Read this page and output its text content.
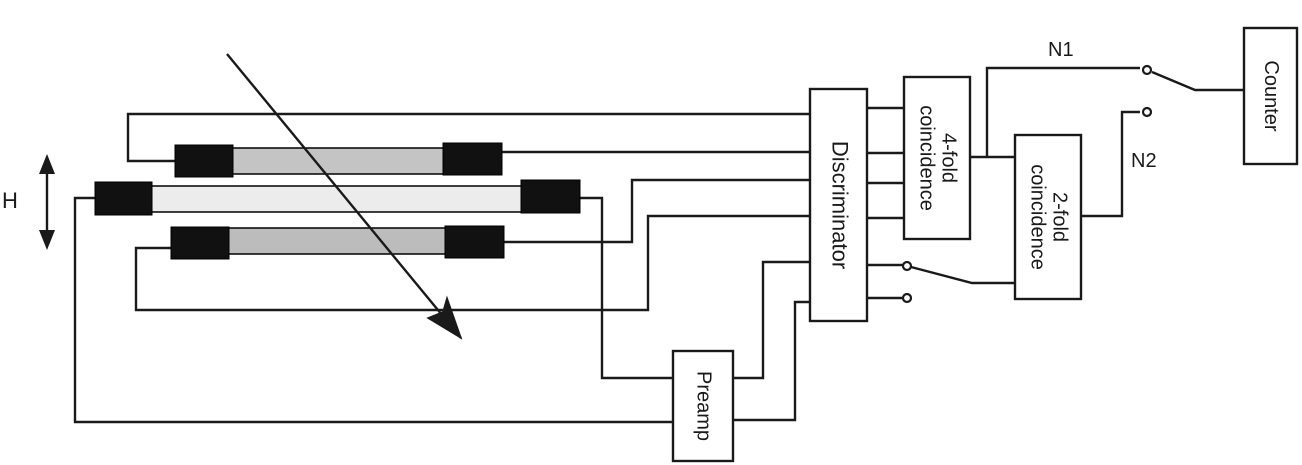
H	Discriminator	4-fold
coincidence
2-fold
coincidence
Counter
Preamp
N1
N2
